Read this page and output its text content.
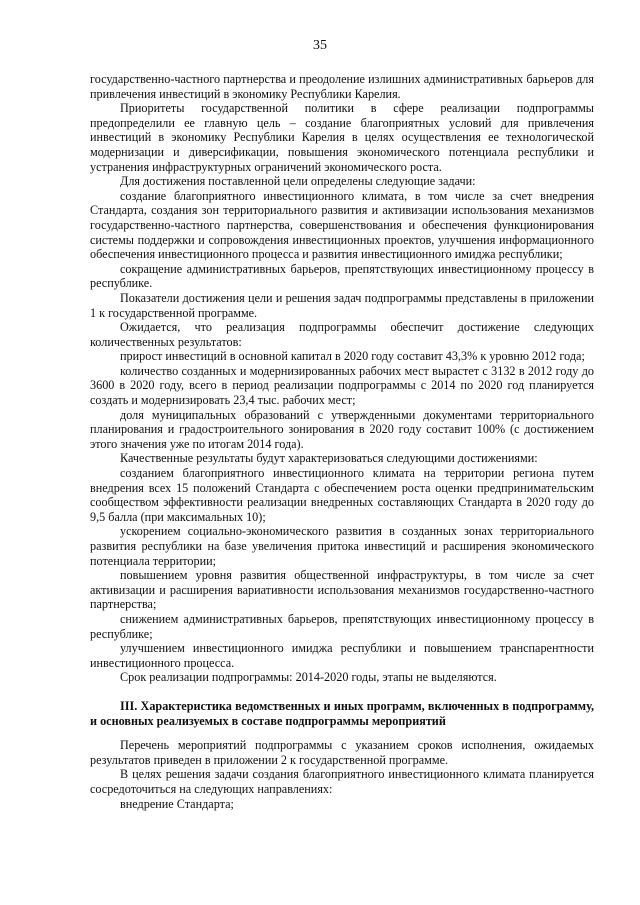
35

государственно-частного партнерства и преодоление излишних административных барьеров для привлечения инвестиций в экономику Республики Карелия.

Приоритеты государственной политики в сфере реализации подпрограммы предопределили ее главную цель – создание благоприятных условий для привлечения инвестиций в экономику Республики Карелия в целях осуществления ее технологической модернизации и диверсификации, повышения экономического потенциала республики и устранения инфраструктурных ограничений экономического роста.

Для достижения поставленной цели определены следующие задачи:

создание благоприятного инвестиционного климата, в том числе за счет внедрения Стандарта, создания зон территориального развития и активизации использования механизмов государственно-частного партнерства, совершенствования и обеспечения функционирования системы поддержки и сопровождения инвестиционных проектов, улучшения информационного обеспечения инвестиционного процесса и развития инвестиционного имиджа республики;

сокращение административных барьеров, препятствующих инвестиционному процессу в республике.

Показатели достижения цели и решения задач подпрограммы представлены в приложении 1 к государственной программе.

Ожидается, что реализация подпрограммы обеспечит достижение следующих количественных результатов:

прирост инвестиций в основной капитал в 2020 году составит 43,3% к уровню 2012 года;

количество созданных и модернизированных рабочих мест вырастет с 3132 в 2012 году до 3600 в 2020 году, всего в период реализации подпрограммы с 2014 по 2020 год планируется создать и модернизировать 23,4 тыс. рабочих мест;

доля муниципальных образований с утвержденными документами территориального планирования и градостроительного зонирования в 2020 году составит 100% (с достижением этого значения уже по итогам 2014 года).

Качественные результаты будут характеризоваться следующими достижениями:

созданием благоприятного инвестиционного климата на территории региона путем внедрения всех 15 положений Стандарта с обеспечением роста оценки предпринимательским сообществом эффективности реализации внедренных составляющих Стандарта в 2020 году до 9,5 балла (при максимальных 10);

ускорением социально-экономического развития в созданных зонах территориального развития республики на базе увеличения притока инвестиций и расширения экономического потенциала территории;

повышением уровня развития общественной инфраструктуры, в том числе за счет активизации и расширения вариативности использования механизмов государственно-частного партнерства;

снижением административных барьеров, препятствующих инвестиционному процессу в республике;

улучшением инвестиционного имиджа республики и повышением транспарентности инвестиционного процесса.

Срок реализации подпрограммы: 2014-2020 годы, этапы не выделяются.

III. Характеристика ведомственных и иных программ, включенных в подпрограмму, и основных реализуемых в составе подпрограммы мероприятий

Перечень мероприятий подпрограммы с указанием сроков исполнения, ожидаемых результатов приведен в приложении 2 к государственной программе.

В целях решения задачи создания благоприятного инвестиционного климата планируется сосредоточиться на следующих направлениях:

внедрение Стандарта;
